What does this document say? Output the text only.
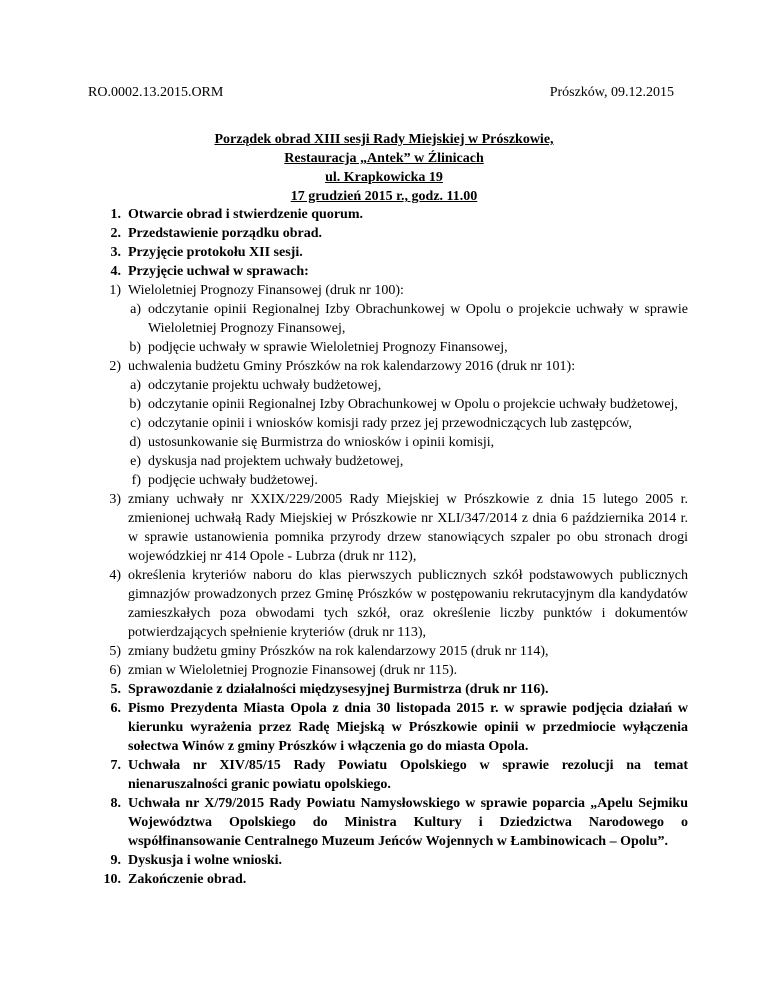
RO.0002.13.2015.ORM	Prószków, 09.12.2015
Porządek obrad XIII sesji Rady Miejskiej w Prószkowie,
Restauracja „Antek” w Źlinicach
ul. Krapkowicka 19
17 grudzień 2015 r., godz. 11.00
1. Otwarcie obrad i stwierdzenie quorum.
2. Przedstawienie porządku obrad.
3. Przyjęcie protokołu XII sesji.
4. Przyjęcie uchwał w sprawach:
1) Wieloletniej Prognozy Finansowej (druk nr 100):
a) odczytanie opinii Regionalnej Izby Obrachunkowej w Opolu o projekcie uchwały w sprawie Wieloletniej Prognozy Finansowej,
b) podjęcie uchwały w sprawie Wieloletniej Prognozy Finansowej,
2) uchwalenia budżetu Gminy Prószków na rok kalendarzowy 2016 (druk nr 101):
a) odczytanie projektu uchwały budżetowej,
b) odczytanie opinii Regionalnej Izby Obrachunkowej w Opolu o projekcie uchwały budżetowej,
c) odczytanie opinii i wniosków komisji rady przez jej przewodniczących lub zastępców,
d) ustosunkowanie się Burmistrza do wniosków i opinii komisji,
e) dyskusja nad projektem uchwały budżetowej,
f) podjęcie uchwały budżetowej.
3) zmiany uchwały nr XXIX/229/2005 Rady Miejskiej w Prószkowie z dnia 15 lutego 2005 r. zmienionej uchwałą Rady Miejskiej w Prószkowie nr XLI/347/2014 z dnia 6 października 2014 r. w sprawie ustanowienia pomnika przyrody drzew stanowiących szpaler po obu stronach drogi wojewódzkiej nr 414 Opole - Lubrza (druk nr 112),
4) określenia kryteriów naboru do klas pierwszych publicznych szkół podstawowych publicznych gimnazjów prowadzonych przez Gminę Prószków w postępowaniu rekrutacyjnym dla kandydatów zamieszkałych poza obwodami tych szkół, oraz określenie liczby punktów i dokumentów potwierdzających spełnienie kryteriów (druk nr 113),
5) zmiany budżetu gminy Prószków na rok kalendarzowy 2015 (druk nr 114),
6) zmian w Wieloletniej Prognozie Finansowej (druk nr 115).
5. Sprawozdanie z działalności międzysesyjnej Burmistrza (druk nr 116).
6. Pismo Prezydenta Miasta Opola z dnia 30 listopada 2015 r. w sprawie podjęcia działań w kierunku wyrażenia przez Radę Miejską w Prószkowie opinii w przedmiocie wyłączenia sołectwa Winów z gminy Prószków i włączenia go do miasta Opola.
7. Uchwała nr XIV/85/15 Rady Powiatu Opolskiego w sprawie rezolucji na temat nienaruszalności granic powiatu opolskiego.
8. Uchwała nr X/79/2015 Rady Powiatu Namysłowskiego w sprawie poparcia „Apelu Sejmiku Województwa Opolskiego do Ministra Kultury i Dziedzictwa Narodowego o współfinansowanie Centralnego Muzeum Jeńców Wojennych w Łambinowicach – Opolu”.
9. Dyskusja i wolne wnioski.
10. Zakończenie obrad.
